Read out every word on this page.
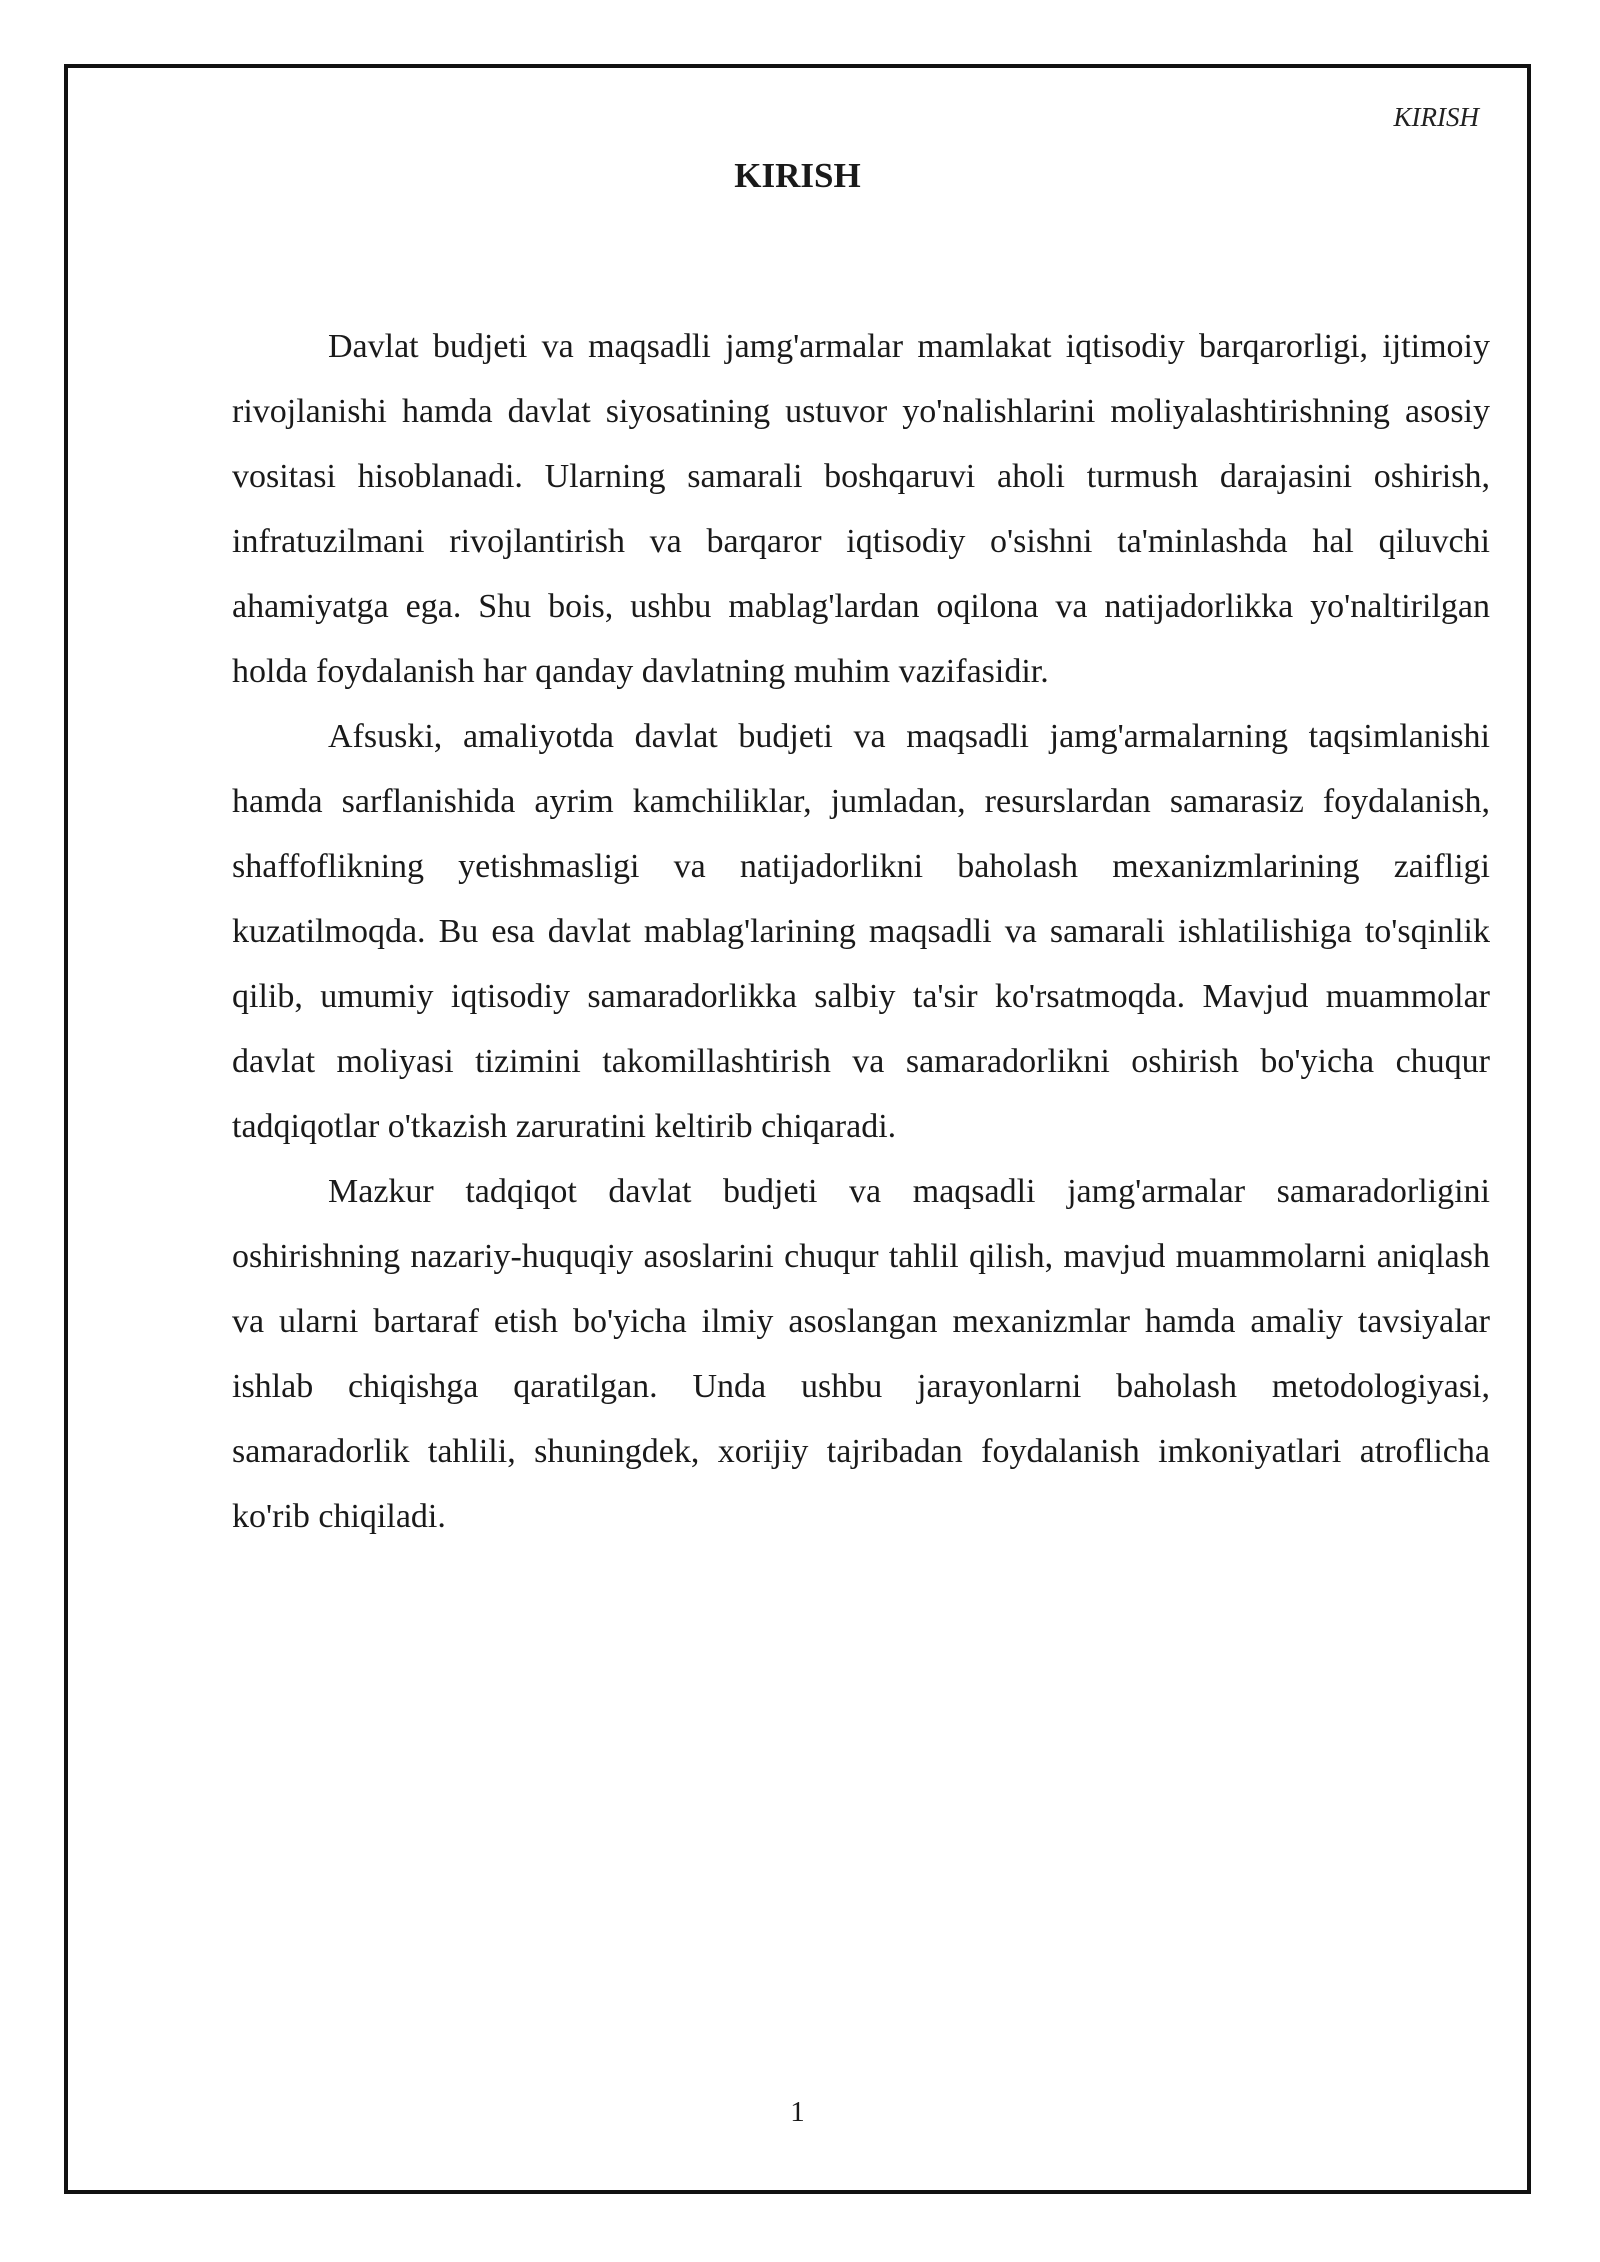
KIRISH
KIRISH

Davlat budjeti va maqsadli jamg'armalar mamlakat iqtisodiy barqarorligi, ijtimoiy rivojlanishi hamda davlat siyosatining ustuvor yo'nalishlarini moliyalashtirishning asosiy vositasi hisoblanadi. Ularning samarali boshqaruvi aholi turmush darajasini oshirish, infratuzilmani rivojlantirish va barqaror iqtisodiy o'sishni ta'minlashda hal qiluvchi ahamiyatga ega. Shu bois, ushbu mablag'lardan oqilona va natijadorlikka yo'naltirilgan holda foydalanish har qanday davlatning muhim vazifasidir.

Afsuski, amaliyotda davlat budjeti va maqsadli jamg'armalarning taqsimlanishi hamda sarflanishida ayrim kamchiliklar, jumladan, resurslardan samarasiz foydalanish, shaffoflikning yetishmasligi va natijadorlikni baholash mexanizmlarining zaifligi kuzatilmoqda. Bu esa davlat mablag'larining maqsadli va samarali ishlatilishiga to'sqinlik qilib, umumiy iqtisodiy samaradorlikka salbiy ta'sir ko'rsatmoqda. Mavjud muammolar davlat moliyasi tizimini takomillashtirish va samaradorlikni oshirish bo'yicha chuqur tadqiqotlar o'tkazish zaruratini keltirib chiqaradi.

Mazkur tadqiqot davlat budjeti va maqsadli jamg'armalar samaradorligini oshirishning nazariy-huquqiy asoslarini chuqur tahlil qilish, mavjud muammolarni aniqlash va ularni bartaraf etish bo'yicha ilmiy asoslangan mexanizmlar hamda amaliy tavsiyalar ishlab chiqishga qaratilgan. Unda ushbu jarayonlarni baholash metodologiyasi, samaradorlik tahlili, shuningdek, xorijiy tajribadan foydalanish imkoniyatlari atroflicha ko'rib chiqiladi.

1
